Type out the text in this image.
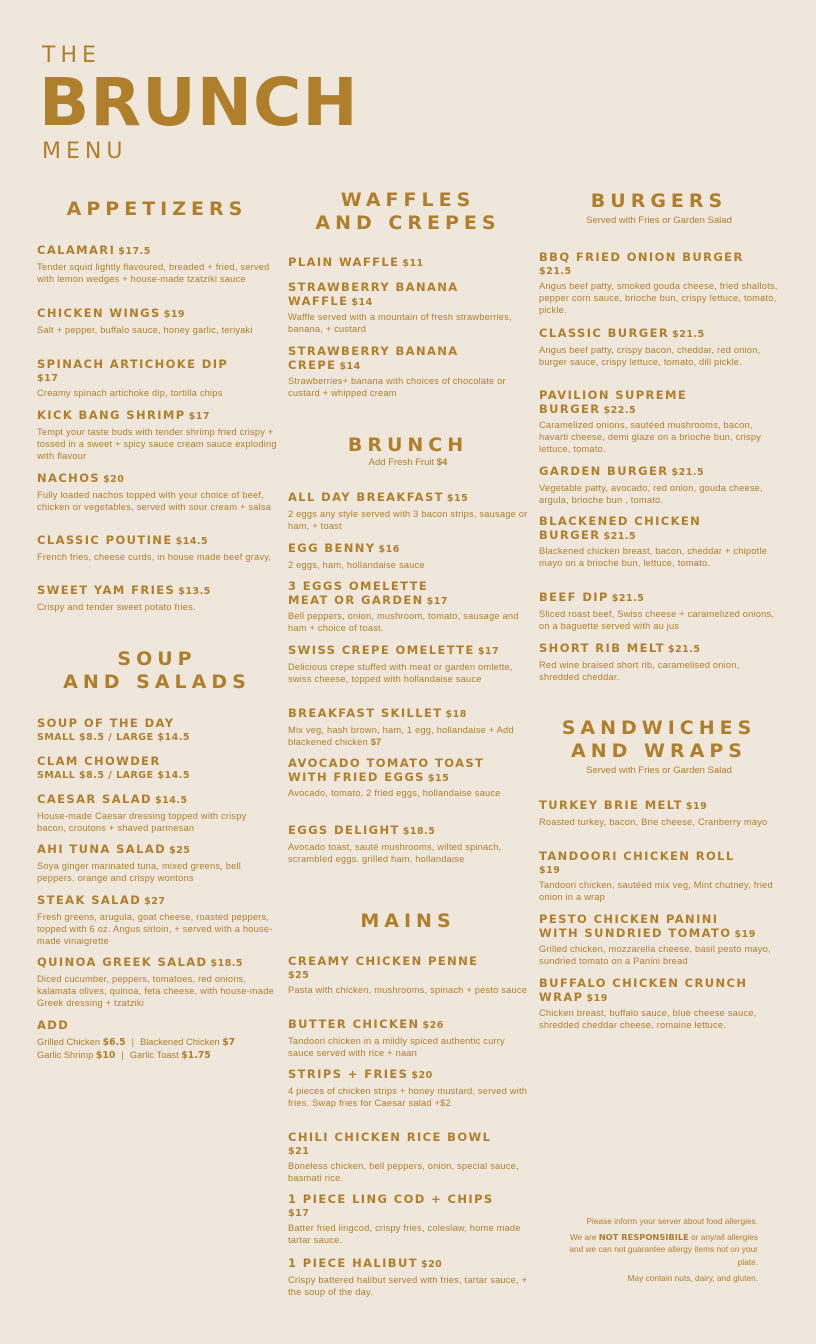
THE
BRUNCH
MENU
APPETIZERS
CALAMARI $17.5
Tender squid lightly flavoured, breaded + fried, served with lemon wedges + house-made tzatziki sauce
CHICKEN WINGS $19
Salt + pepper, buffalo sauce, honey garlic, teriyaki
SPINACH ARTICHOKE DIP
$17
Creamy spinach artichoke dip, tortilla chips
KICK BANG SHRIMP $17
Tempt your taste buds with tender shrimp fried crispy + tossed in a sweet + spicy sauce cream sauce exploding with flavour
NACHOS $20
Fully loaded nachos topped with your choice of beef, chicken or vegetables, served with sour cream + salsa
CLASSIC POUTINE $14.5
French fries, cheese curds, in house made beef gravy,
SWEET YAM FRIES $13.5
Crispy and tender sweet potato fries.
SOUP
AND SALADS
SOUP OF THE DAY
SMALL $8.5 / LARGE $14.5
CLAM CHOWDER
SMALL $8.5 / LARGE $14.5
CAESAR SALAD $14.5
House-made Caesar dressing topped with crispy bacon, croutons + shaved parmesan
AHI TUNA SALAD $25
Soya ginger marinated tuna, mixed greens, bell peppers, orange and crispy wontons
STEAK SALAD $27
Fresh greens, arugula, goat cheese, roasted peppers, topped with 6 oz. Angus sirloin, + served with a house-made vinaigrette
QUINOA GREEK SALAD $18.5
Diced cucumber, peppers, tomatoes, red onions, kalamata olives, quinoa, feta cheese, with house-made Greek dressing + tzatziki
ADD
Grilled Chicken $6.5 | Blackened Chicken $7
Garlic Shrimp $10 | Garlic Toast $1.75
WAFFLES
AND CREPES
PLAIN WAFFLE $11
STRAWBERRY BANANA
WAFFLE $14
Waffle served with a mountain of fresh strawberries, banana, + custard
STRAWBERRY BANANA
CREPE $14
Strawberries+ banana with choices of chocolate or custard + whipped cream
BRUNCH
Add Fresh Fruit $4
ALL DAY BREAKFAST $15
2 eggs any style served with 3 bacon strips, sausage or ham, + toast
EGG BENNY $16
2 eggs, ham, hollandaise sauce
3 EGGS OMELETTE
MEAT OR GARDEN $17
Bell peppers, onion, mushroom, tomato, sausage and ham + choice of toast.
SWISS CREPE OMELETTE $17
Delicious crepe stuffed with meat or garden omlette, swiss cheese, topped with hollandaise sauce
BREAKFAST SKILLET $18
Mix veg, hash brown, ham, 1 egg, hollandaise + Add blackened chicken $7
AVOCADO TOMATO TOAST
WITH FRIED EGGS $15
Avocado, tomato, 2 fried eggs, hollandaise sauce
EGGS DELIGHT $18.5
Avocado toast, sauté mushrooms, wilted spinach, scrambled eggs. grilled ham, hollandaise
MAINS
CREAMY CHICKEN PENNE
$25
Pasta with chicken, mushrooms, spinach + pesto sauce
BUTTER CHICKEN $26
Tandoori chicken in a mildly spiced authentic curry sauce served with rice + naan
STRIPS + FRIES $20
4 pieces of chicken strips + honey mustard, served with fries. Swap fries for Caesar salad +$2
CHILI CHICKEN RICE BOWL
$21
Boneless chicken, bell peppers, onion, special sauce, basmati rice.
1 PIECE LING COD + CHIPS
$17
Batter fried lingcod, crispy fries, coleslaw, home made tartar sauce.
1 PIECE HALIBUT $20
Crispy battered halibut served with fries, tartar sauce, + the soup of the day.
BURGERS
Served with Fries or Garden Salad
BBQ FRIED ONION BURGER
$21.5
Angus beef patty, smoked gouda cheese, fried shallots, pepper corn sauce, brioche bun, crispy lettuce, tomato, pickle.
CLASSIC BURGER $21.5
Angus beef patty, crispy bacon, cheddar, red onion, burger sauce, crispy lettuce, tomato, dill pickle.
PAVILION SUPREME
BURGER $22.5
Caramelized onions, sautéed mushrooms, bacon, havarti cheese, demi glaze on a brioche bun, crispy lettuce, tomato.
GARDEN BURGER $21.5
Vegetable patty, avocado, red onion, gouda cheese, argula, brioche bun , tomato.
BLACKENED CHICKEN
BURGER $21.5
Blackened chicken breast, bacon, cheddar + chipotle mayo on a brioche bun, lettuce, tomato.
BEEF DIP $21.5
Sliced roast beef, Swiss cheese + caramelized onions, on a baguette served with au jus
SHORT RIB MELT $21.5
Red wine braised short rib, caramelised onion, shredded cheddar.
SANDWICHES
AND WRAPS
Served with Fries or Garden Salad
TURKEY BRIE MELT $19
Roasted turkey, bacon, Brie cheese, Cranberry mayo
TANDOORI CHICKEN ROLL
$19
Tandoori chicken, sautéed mix veg, Mint chutney, fried onion in a wrap
PESTO CHICKEN PANINI
WITH SUNDRIED TOMATO $19
Grilled chicken, mozzarella cheese, basil pesto mayo, sundried tomato on a Panini bread
BUFFALO CHICKEN CRUNCH
WRAP $19
Chicken breast, buffalo sauce, blue cheese sauce, shredded cheddar cheese, romaine lettuce.

Please inform your server about food allergies.

We are NOT RESPONSIBILE or any/all allergies and we can not guarantee allergy items not on your plate.

May contain nuts, dairy, and gluten.
